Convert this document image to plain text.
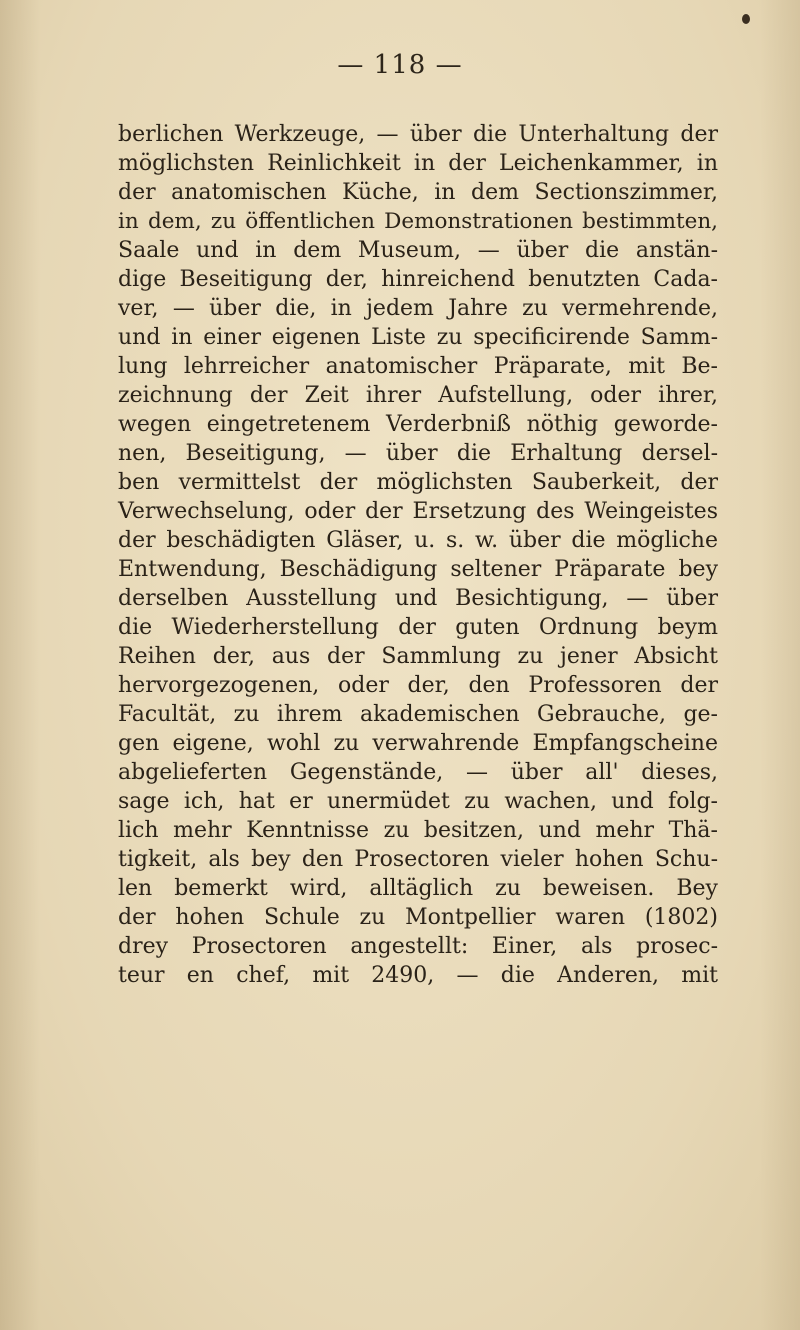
— 118 —
berlichen Werkzeuge, — über die Unterhaltung der
möglichsten Reinlichkeit in der Leichenkammer, in
der anatomischen Küche, in dem Sectionszimmer,
in dem, zu öffentlichen Demonstrationen bestimmten,
Saale und in dem Museum, — über die anstän-
dige Beseitigung der, hinreichend benutzten Cada-
ver, — über die, in jedem Jahre zu vermehrende,
und in einer eigenen Liste zu specificirende Samm-
lung lehrreicher anatomischer Präparate, mit Be-
zeichnung der Zeit ihrer Aufstellung, oder ihrer,
wegen eingetretenem Verderbniß nöthig geworde-
nen, Beseitigung, — über die Erhaltung dersel-
ben vermittelst der möglichsten Sauberkeit, der
Verwechselung, oder der Ersetzung des Weingeistes
der beschädigten Gläser, u. s. w. über die mögliche
Entwendung, Beschädigung seltener Präparate bey
derselben Ausstellung und Besichtigung, — über
die Wiederherstellung der guten Ordnung beym
Reihen der, aus der Sammlung zu jener Absicht
hervorgezogenen, oder der, den Professoren der
Facultät, zu ihrem akademischen Gebrauche, ge-
gen eigene, wohl zu verwahrende Empfangscheine
abgelieferten Gegenstände, — über all' dieses,
sage ich, hat er unermüdet zu wachen, und folg-
lich mehr Kenntnisse zu besitzen, und mehr Thä-
tigkeit, als bey den Prosectoren vieler hohen Schu-
len bemerkt wird, alltäglich zu beweisen. Bey
der hohen Schule zu Montpellier waren (1802)
drey Prosectoren angestellt: Einer, als prosec-
teur en chef, mit 2490, — die Anderen, mit
